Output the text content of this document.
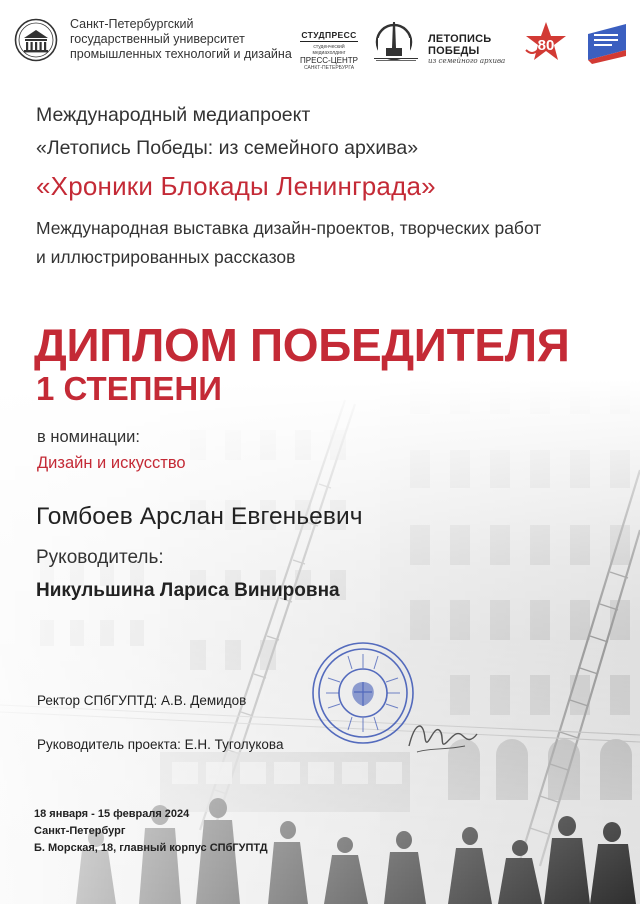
Санкт-Петербургский
государственный университет
промышленных технологий и дизайна
СТУДПРЕСС
студенческий медиахолдинг
ПРЕСС-ЦЕНТР
САНКТ-ПЕТЕРБУРГА
ЛЕТОПИСЬ ПОБЕДЫ
из семейного архива
80
Международный медиапроект
«Летопись Победы: из семейного архива»
«Хроники Блокады Ленинграда»
Международная выставка дизайн-проектов, творческих работ
и иллюстрированных рассказов
ДИПЛОМ ПОБЕДИТЕЛЯ
1 СТЕПЕНИ
в номинации:
Дизайн и искусство
Гомбоев Арслан Евгеньевич
Руководитель:
Никульшина Лариса Винировна
Ректор СПбГУПТД: А.В. Демидов
Руководитель проекта: Е.Н. Туголукова
18 января - 15 февраля 2024
Санкт-Петербург
Б. Морская, 18, главный корпус СПбГУПТД
